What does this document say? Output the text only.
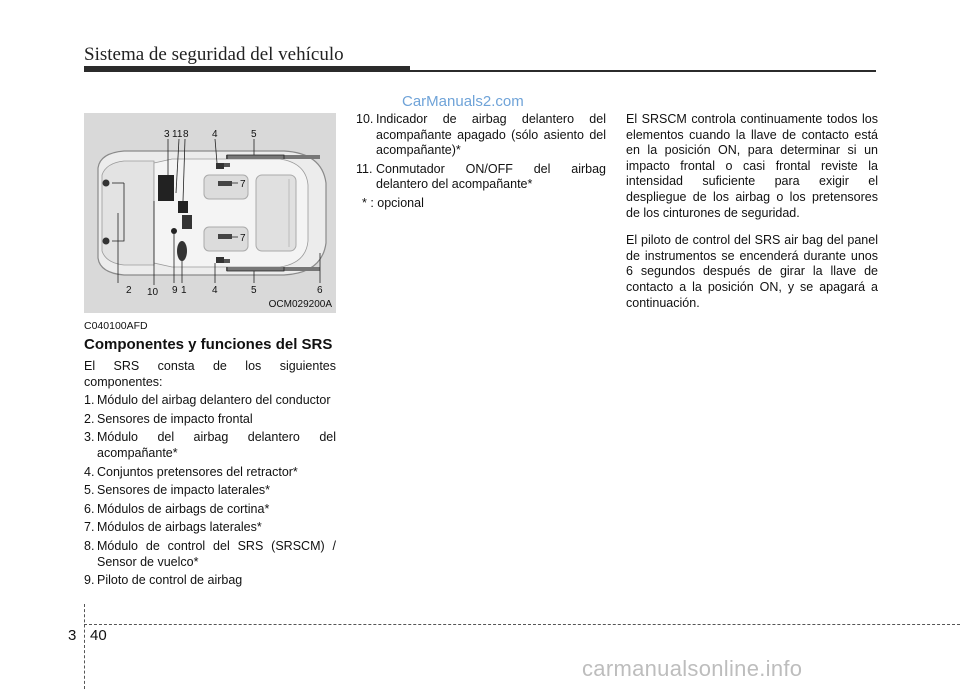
Sistema de seguridad del vehículo
CarManuals2.com
3 11 8 4	5
7
7
2 10 9 1	4	5	6
OCM029200A
C040100AFD
Componentes y funciones del SRS

El SRS consta de los siguientes componentes:

1. Módulo del airbag delantero del conductor
2. Sensores de impacto frontal
3. Módulo del airbag delantero del acompañante*
4. Conjuntos pretensores del retractor*
5. Sensores de impacto laterales*
6. Módulos de airbags de cortina*
7. Módulos de airbags laterales*
8. Módulo de control del SRS (SRSCM) / Sensor de vuelco*
9. Piloto de control de airbag
10. Indicador de airbag delantero del acompañante apagado (sólo asiento del acompañante)*
11. Conmutador ON/OFF del airbag delantero del acompañante*
* : opcional

El SRSCM controla continuamente todos los elementos cuando la llave de contacto está en la posición ON, para determinar si un impacto frontal o casi frontal reviste la intensidad suficiente para exigir el despliegue de los airbag o los pretensores de los cinturones de seguridad.

El piloto de control del SRS air bag del panel de instrumentos se encenderá durante unos 6 segundos después de girar la llave de contacto a la posición ON, y se apagará a continuación.

3 40
carmanualsonline.info
